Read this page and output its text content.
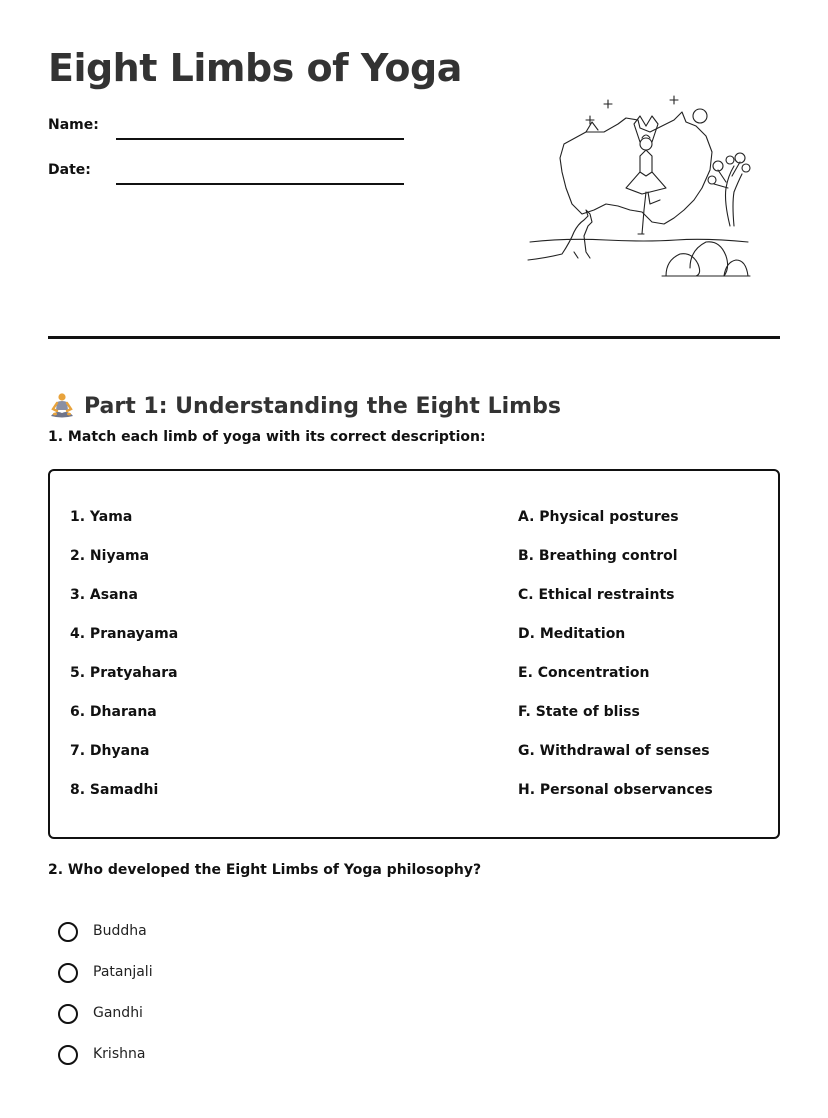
Eight Limbs of Yoga
Name:
Date:
Part 1: Understanding the Eight Limbs
1. Match each limb of yoga with its correct description:
1. Yama
2. Niyama
3. Asana
4. Pranayama
5. Pratyahara
6. Dharana
7. Dhyana
8. Samadhi
A. Physical postures
B. Breathing control
C. Ethical restraints
D. Meditation
E. Concentration
F. State of bliss
G. Withdrawal of senses
H. Personal observances
2. Who developed the Eight Limbs of Yoga philosophy?
Buddha
Patanjali
Gandhi
Krishna
